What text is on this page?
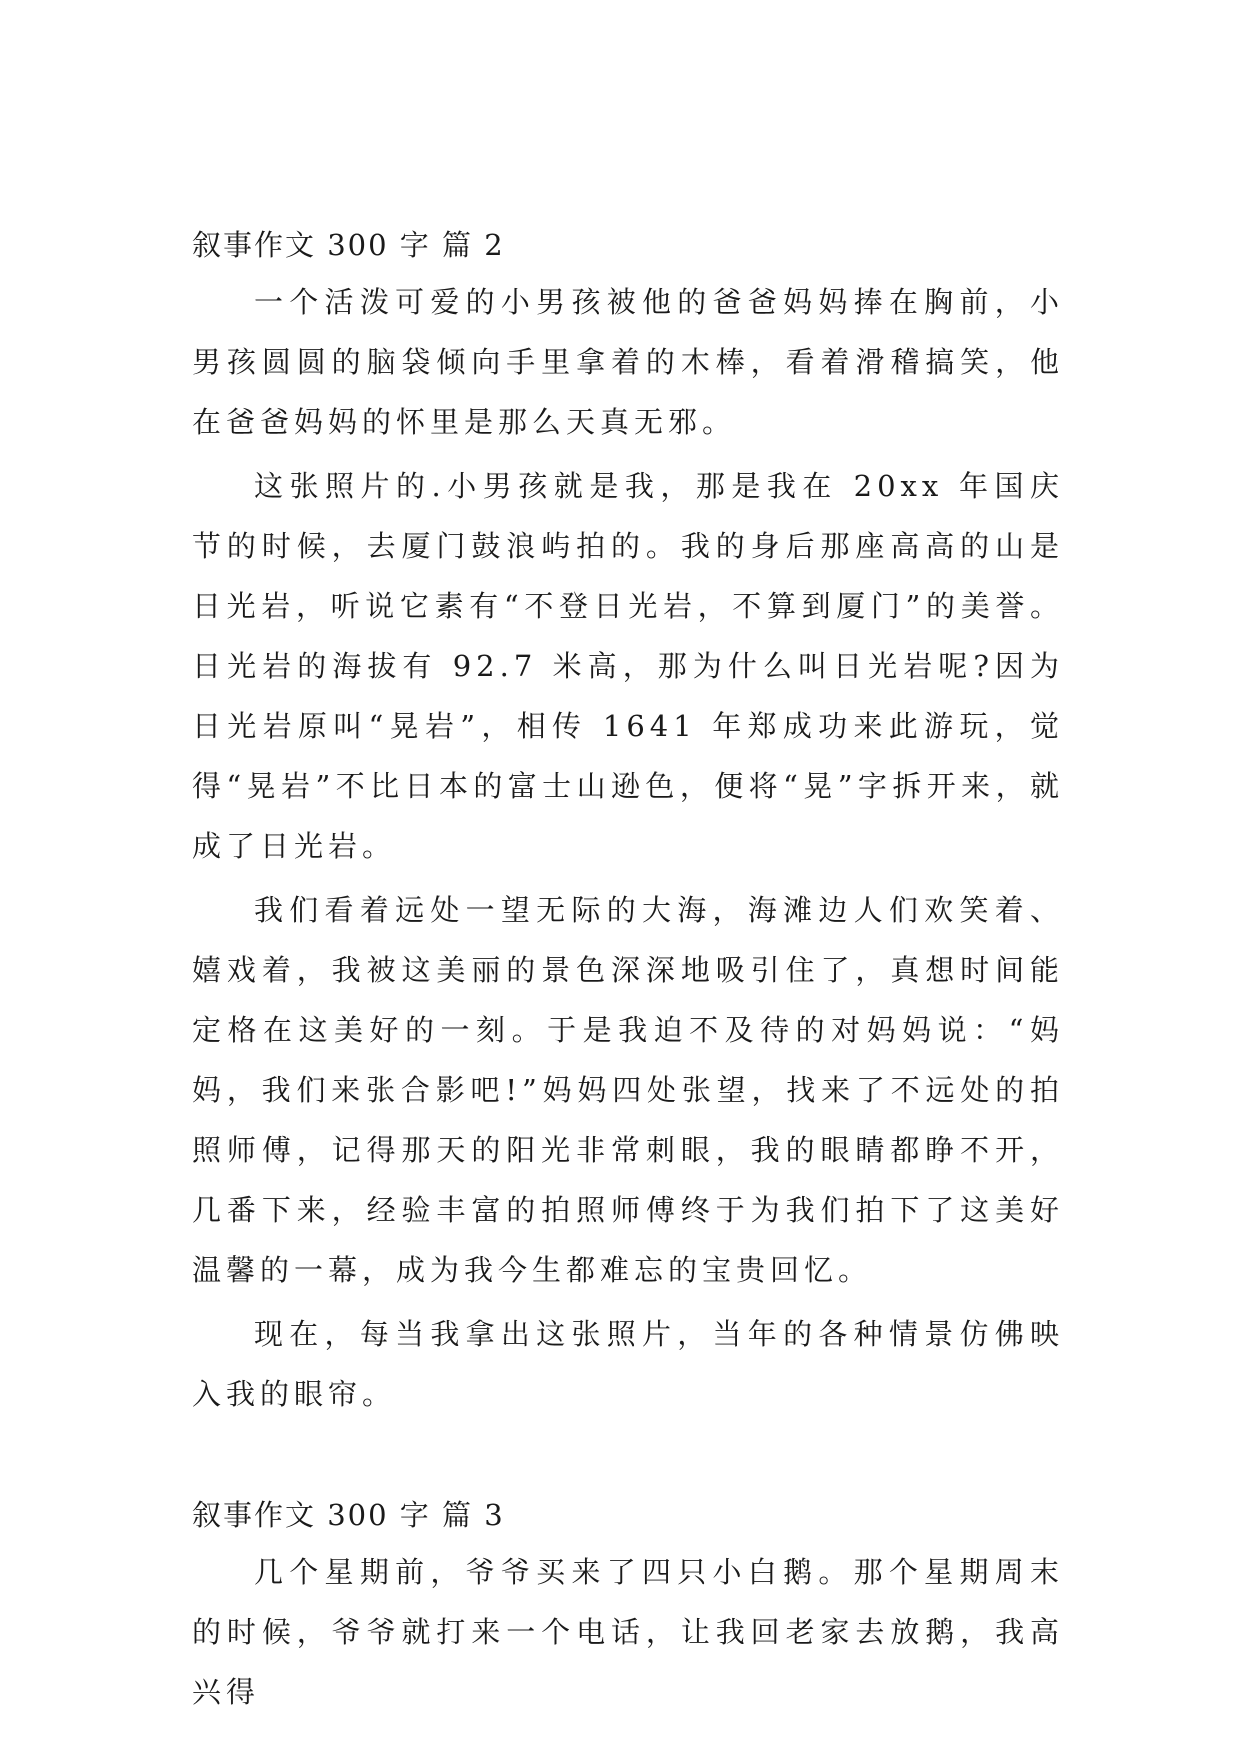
叙事作文 300 字 篇 2

一个活泼可爱的小男孩被他的爸爸妈妈捧在胸前，小男孩圆圆的脑袋倾向手里拿着的木棒，看着滑稽搞笑，他在爸爸妈妈的怀里是那么天真无邪。

这张照片的.小男孩就是我，那是我在 20xx 年国庆节的时候，去厦门鼓浪屿拍的。我的身后那座高高的山是日光岩，听说它素有“不登日光岩，不算到厦门”的美誉。日光岩的海拔有 92.7 米高，那为什么叫日光岩呢?因为日光岩原叫“晃岩”，相传 1641 年郑成功来此游玩，觉得“晃岩”不比日本的富士山逊色，便将“晃”字拆开来，就成了日光岩。

我们看着远处一望无际的大海，海滩边人们欢笑着、嬉戏着，我被这美丽的景色深深地吸引住了，真想时间能定格在这美好的一刻。于是我迫不及待的对妈妈说：“妈妈，我们来张合影吧!”妈妈四处张望，找来了不远处的拍照师傅，记得那天的阳光非常刺眼，我的眼睛都睁不开，几番下来，经验丰富的拍照师傅终于为我们拍下了这美好温馨的一幕，成为我今生都难忘的宝贵回忆。

现在，每当我拿出这张照片，当年的各种情景仿佛映入我的眼帘。

叙事作文 300 字 篇 3

几个星期前，爷爷买来了四只小白鹅。那个星期周末的时候，爷爷就打来一个电话，让我回老家去放鹅，我高兴得
